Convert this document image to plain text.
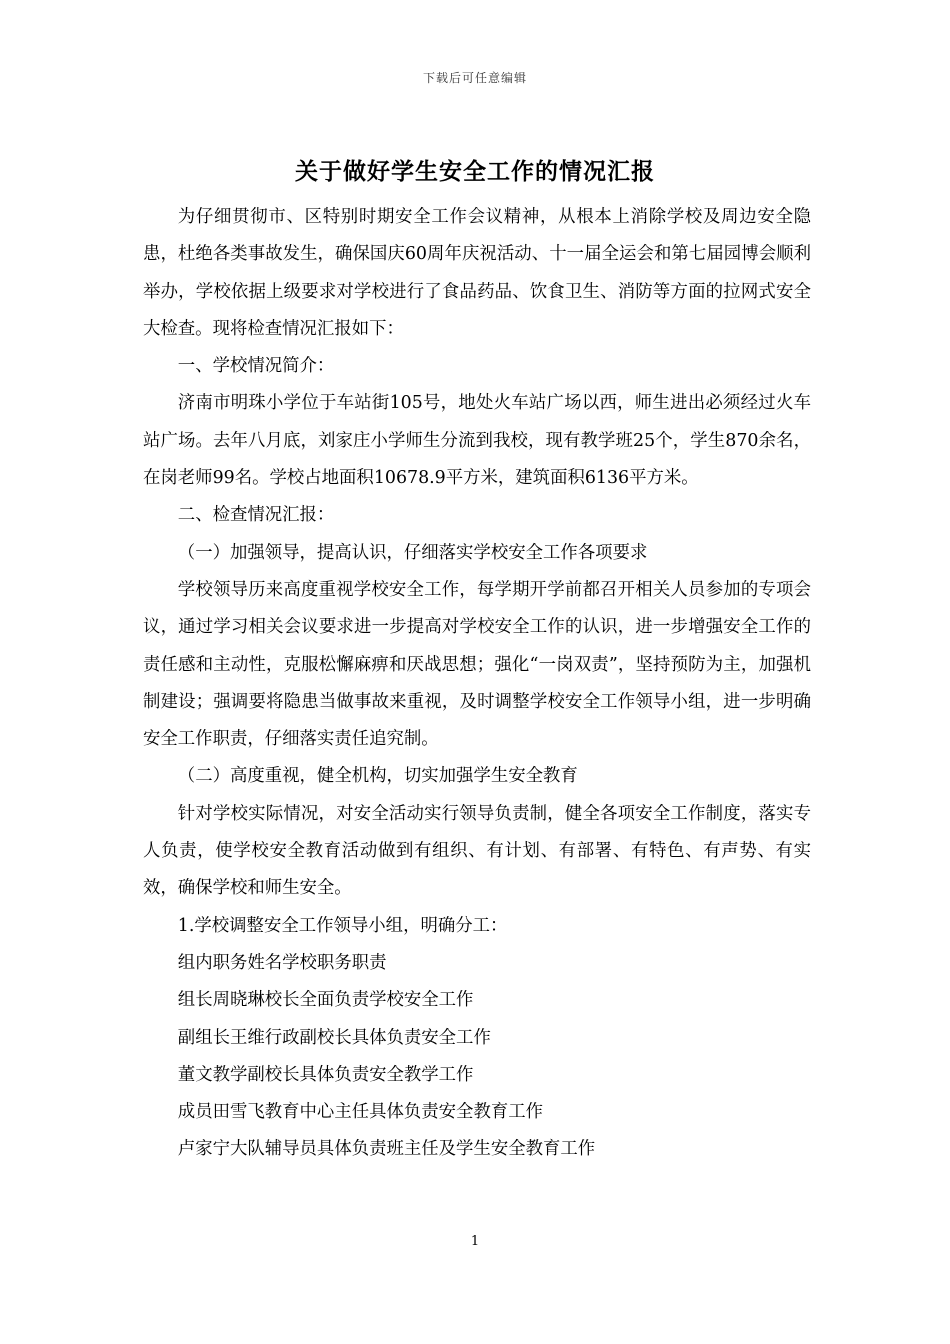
下载后可任意编辑
关于做好学生安全工作的情况汇报

为仔细贯彻市、区特别时期安全工作会议精神，从根本上消除学校及周边安全隐患，杜绝各类事故发生，确保国庆60周年庆祝活动、十一届全运会和第七届园博会顺利举办，学校依据上级要求对学校进行了食品药品、饮食卫生、消防等方面的拉网式安全大检查。现将检查情况汇报如下：

一、学校情况简介：

济南市明珠小学位于车站街105号，地处火车站广场以西，师生进出必须经过火车站广场。去年八月底，刘家庄小学师生分流到我校，现有教学班25个，学生870余名，在岗老师99名。学校占地面积10678.9平方米，建筑面积6136平方米。

二、检查情况汇报：

（一）加强领导，提高认识，仔细落实学校安全工作各项要求

学校领导历来高度重视学校安全工作，每学期开学前都召开相关人员参加的专项会议，通过学习相关会议要求进一步提高对学校安全工作的认识，进一步增强安全工作的责任感和主动性，克服松懈麻痹和厌战思想；强化“一岗双责”，坚持预防为主，加强机制建设；强调要将隐患当做事故来重视，及时调整学校安全工作领导小组，进一步明确安全工作职责，仔细落实责任追究制。

（二）高度重视，健全机构，切实加强学生安全教育

针对学校实际情况，对安全活动实行领导负责制，健全各项安全工作制度，落实专人负责，使学校安全教育活动做到有组织、有计划、有部署、有特色、有声势、有实效，确保学校和师生安全。

1.学校调整安全工作领导小组，明确分工：

组内职务姓名学校职务职责

组长周晓琳校长全面负责学校安全工作

副组长王维行政副校长具体负责安全工作

董文教学副校长具体负责安全教学工作

成员田雪飞教育中心主任具体负责安全教育工作

卢家宁大队辅导员具体负责班主任及学生安全教育工作

1
